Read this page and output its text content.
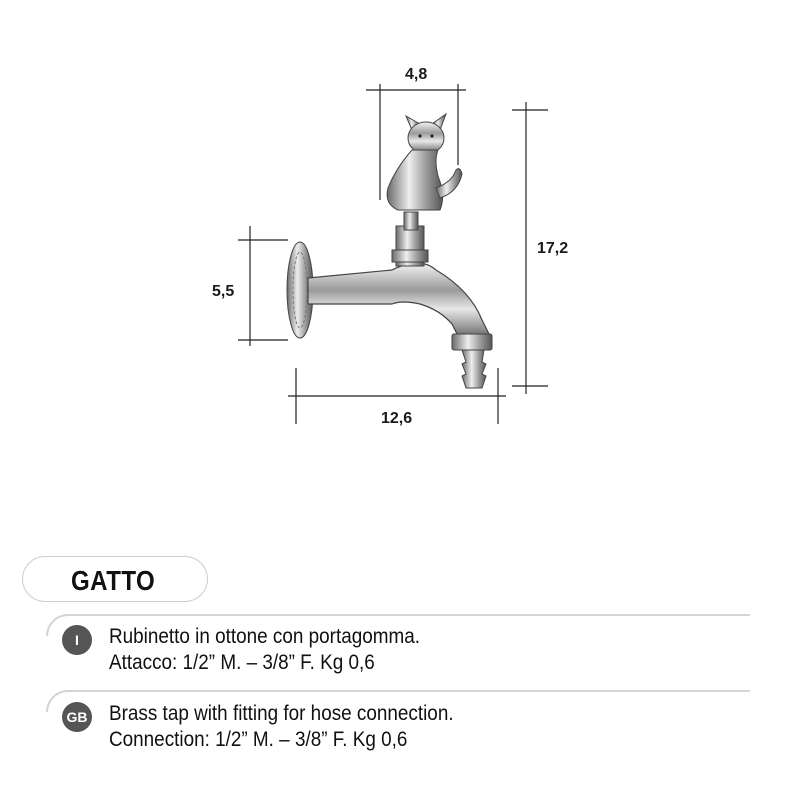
4,8
17,2
5,5
12,6
GATTO
I	Rubinetto in ottone con portagomma.
Attacco: 1/2” M. – 3/8” F. Kg 0,6
GB Brass tap with fitting for hose connection.
Connection: 1/2” M. – 3/8” F. Kg 0,6
